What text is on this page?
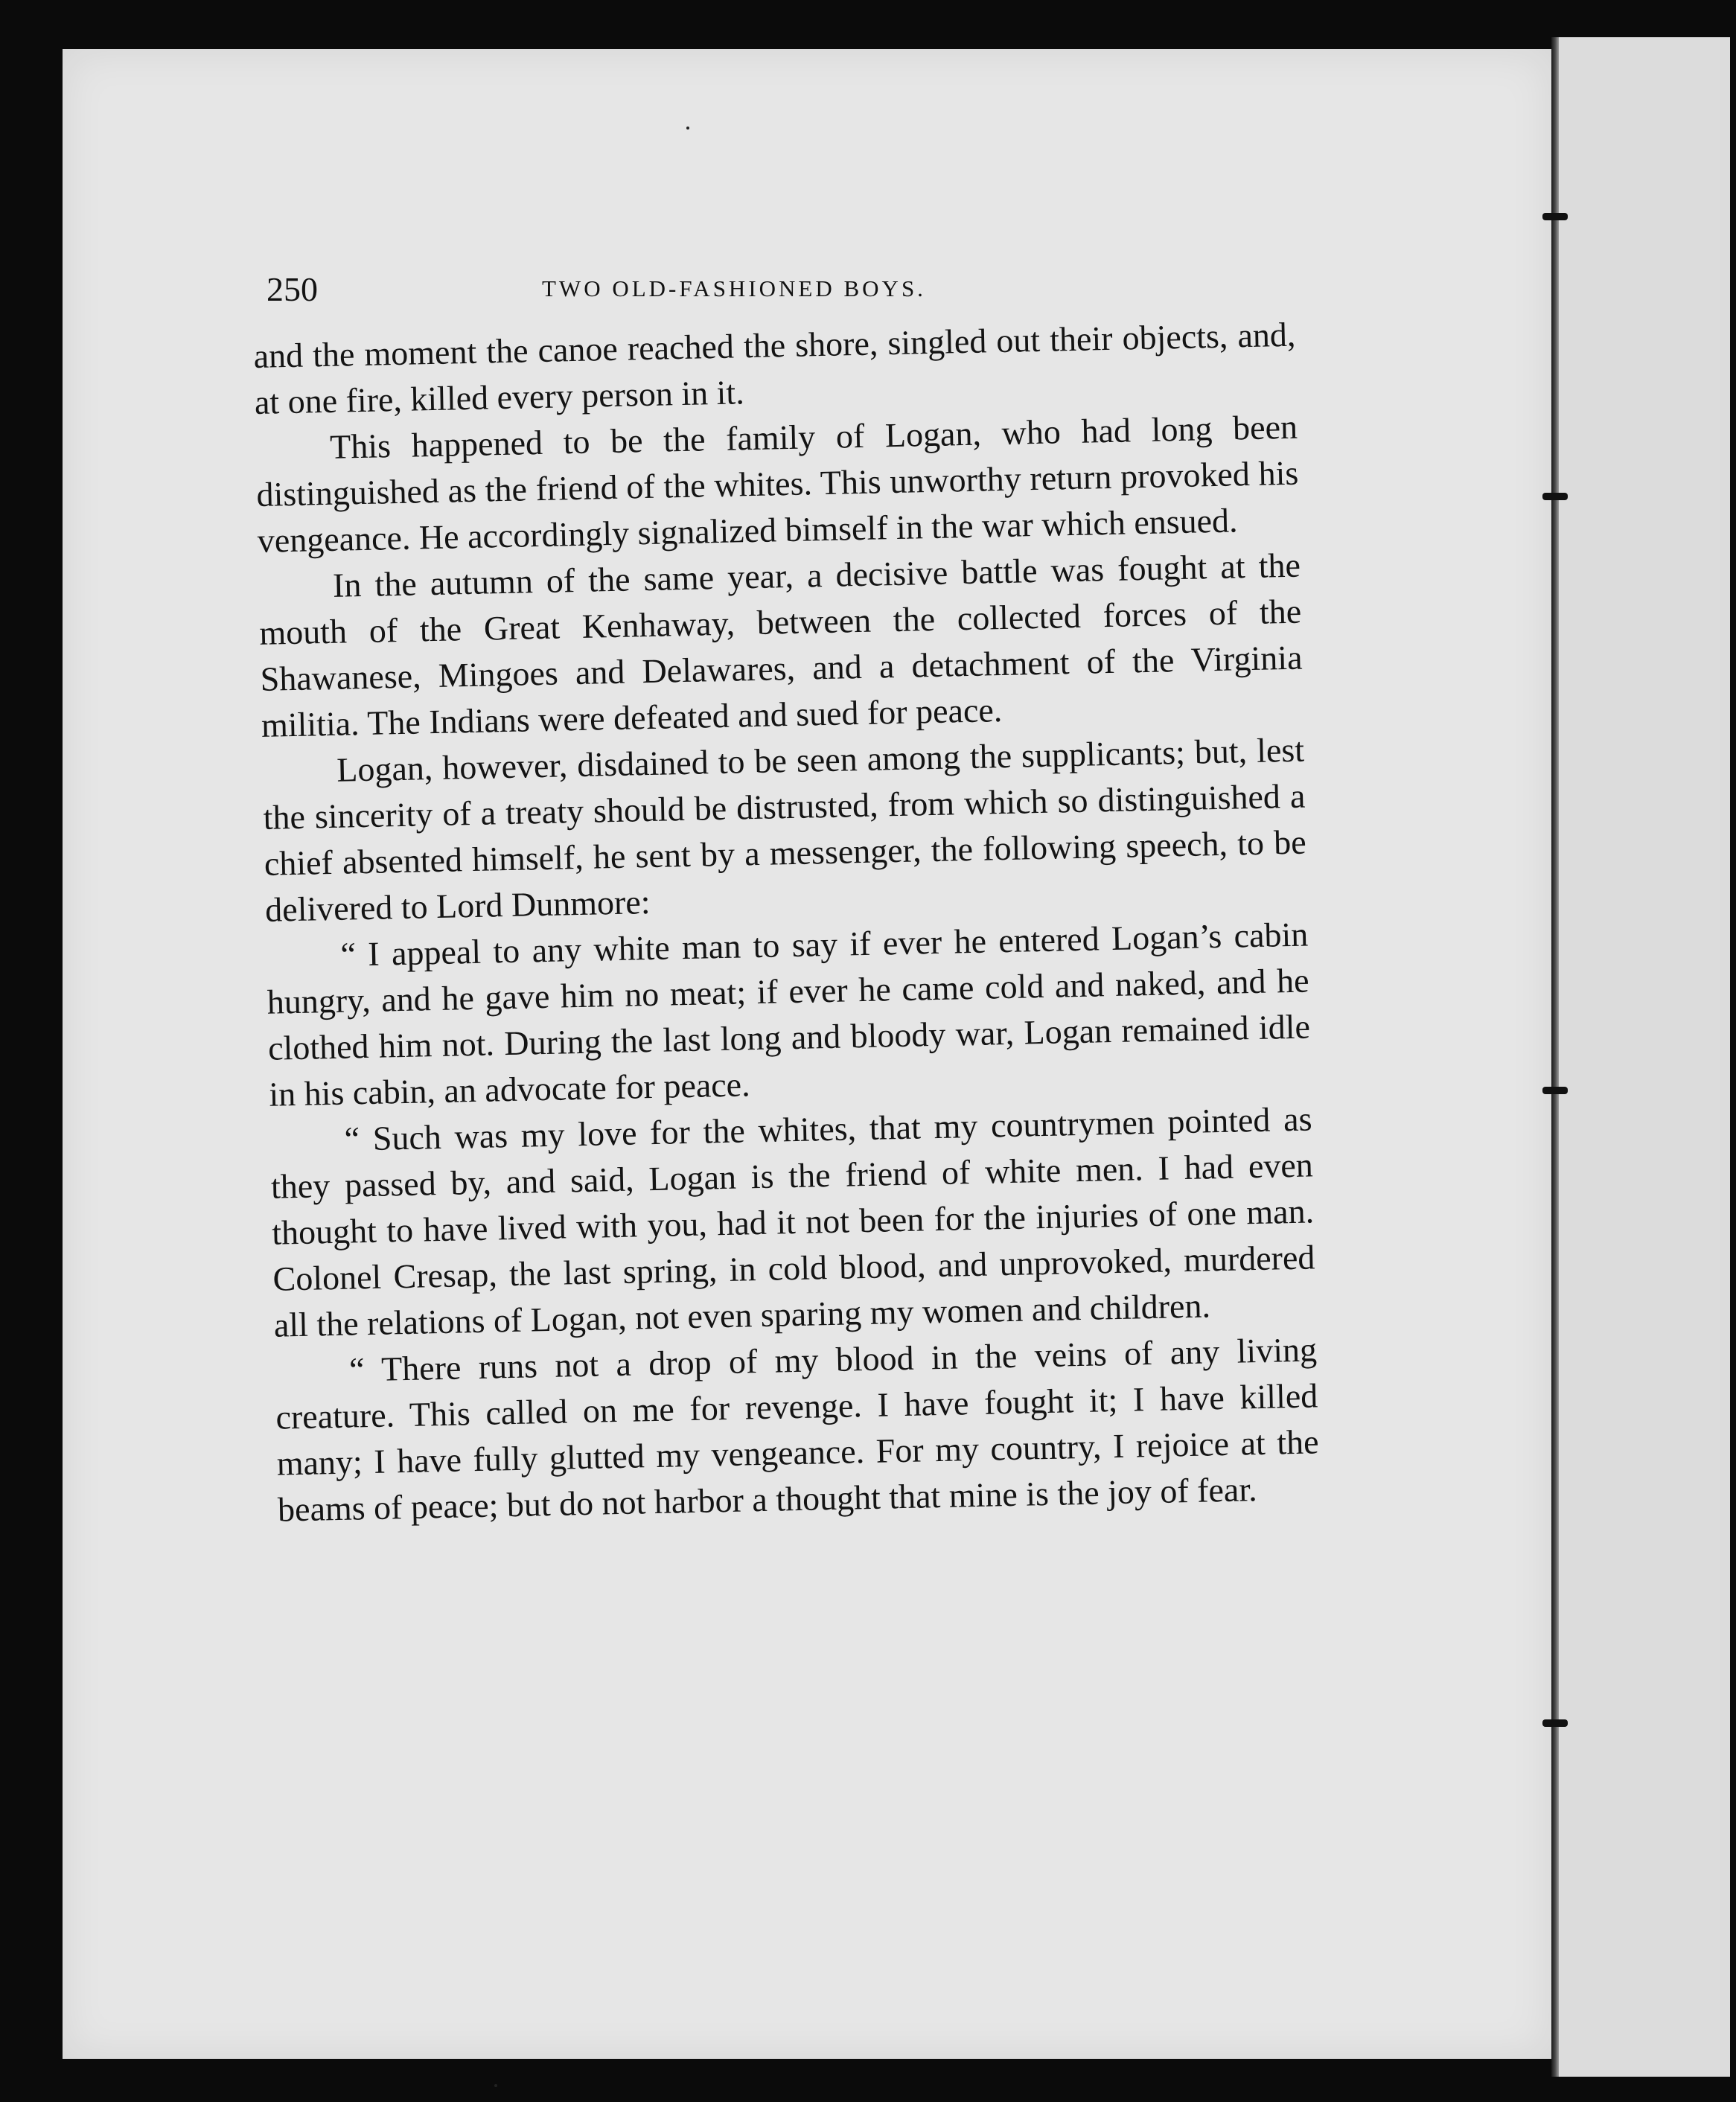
250	TWO OLD-FASHIONED BOYS.

and the moment the canoe reached the shore, singled out their objects, and, at one fire, killed every person in it.

This happened to be the family of Logan, who had long been distinguished as the friend of the whites. This unworthy return provoked his vengeance. He accordingly signalized bimself in the war which ensued.

In the autumn of the same year, a decisive battle was fought at the mouth of the Great Kenhaway, between the collected forces of the Shawanese, Mingoes and Delawares, and a detachment of the Virginia militia. The Indians were defeated and sued for peace.

Logan, however, disdained to be seen among the supplicants; but, lest the sincerity of a treaty should be distrusted, from which so distinguished a chief absented himself, he sent by a messenger, the following speech, to be delivered to Lord Dunmore:

“ I appeal to any white man to say if ever he entered Logan’s cabin hungry, and he gave him no meat; if ever he came cold and naked, and he clothed him not. During the last long and bloody war, Logan remained idle in his cabin, an advocate for peace.

“ Such was my love for the whites, that my countrymen pointed as they passed by, and said, Logan is the friend of white men. I had even thought to have lived with you, had it not been for the injuries of one man. Colonel Cresap, the last spring, in cold blood, and unprovoked, murdered all the relations of Logan, not even sparing my women and children.

“ There runs not a drop of my blood in the veins of any living creature. This called on me for revenge. I have fought it; I have killed many; I have fully glutted my vengeance. For my country, I rejoice at the beams of peace; but do not harbor a thought that mine is the joy of fear.
